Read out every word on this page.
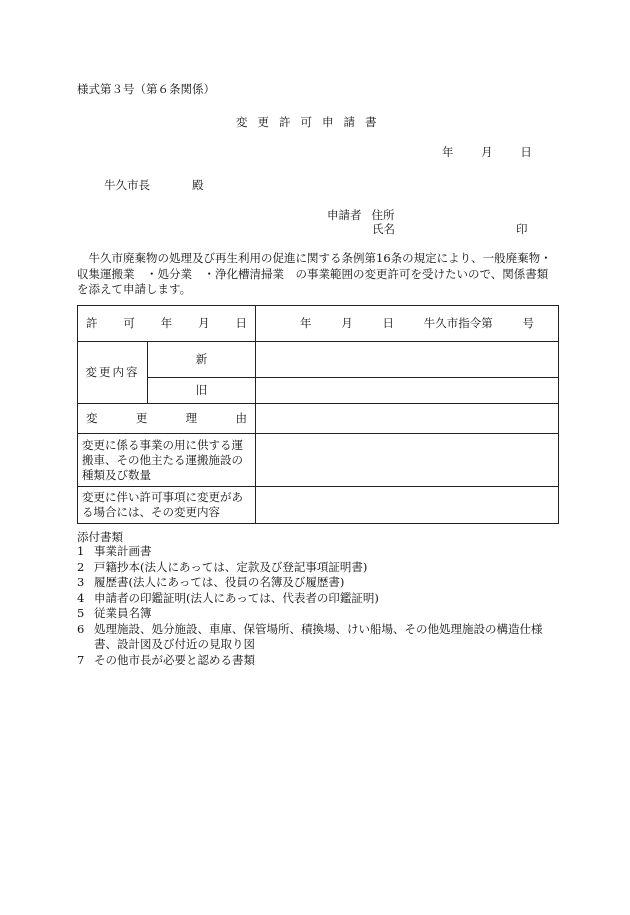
様式第３号（第６条関係）
変更許可申請書
年 月 日
牛久市長	殿
申請者 住所
氏名	印
牛久市廃棄物の処理及び再生利用の促進に関する条例第16条の規定により、一般廃棄物・収集運搬業　・処分業　・浄化槽清掃業　の事業範囲の変更許可を受けたいので、関係書類を添えて申請します。
許 可 年 月 日		年 月 日 牛久市指令第 号

変更内容	新	
	旧	

変 更 理 由		

変更に係る事業の用に供する運搬車、その他主たる運搬施設の種類及び数量		
変更に伴い許可事項に変更がある場合には、その変更内容		
添付書類
1 事業計画書
2 戸籍抄本(法人にあっては、定款及び登記事項証明書)
3 履歴書(法人にあっては、役員の名簿及び履歴書)
4 申請者の印鑑証明(法人にあっては、代表者の印鑑証明)
5 従業員名簿
6 処理施設、処分施設、車庫、保管場所、積換場、けい船場、その他処理施設の構造仕様書、設計図及び付近の見取り図
7 その他市長が必要と認める書類
